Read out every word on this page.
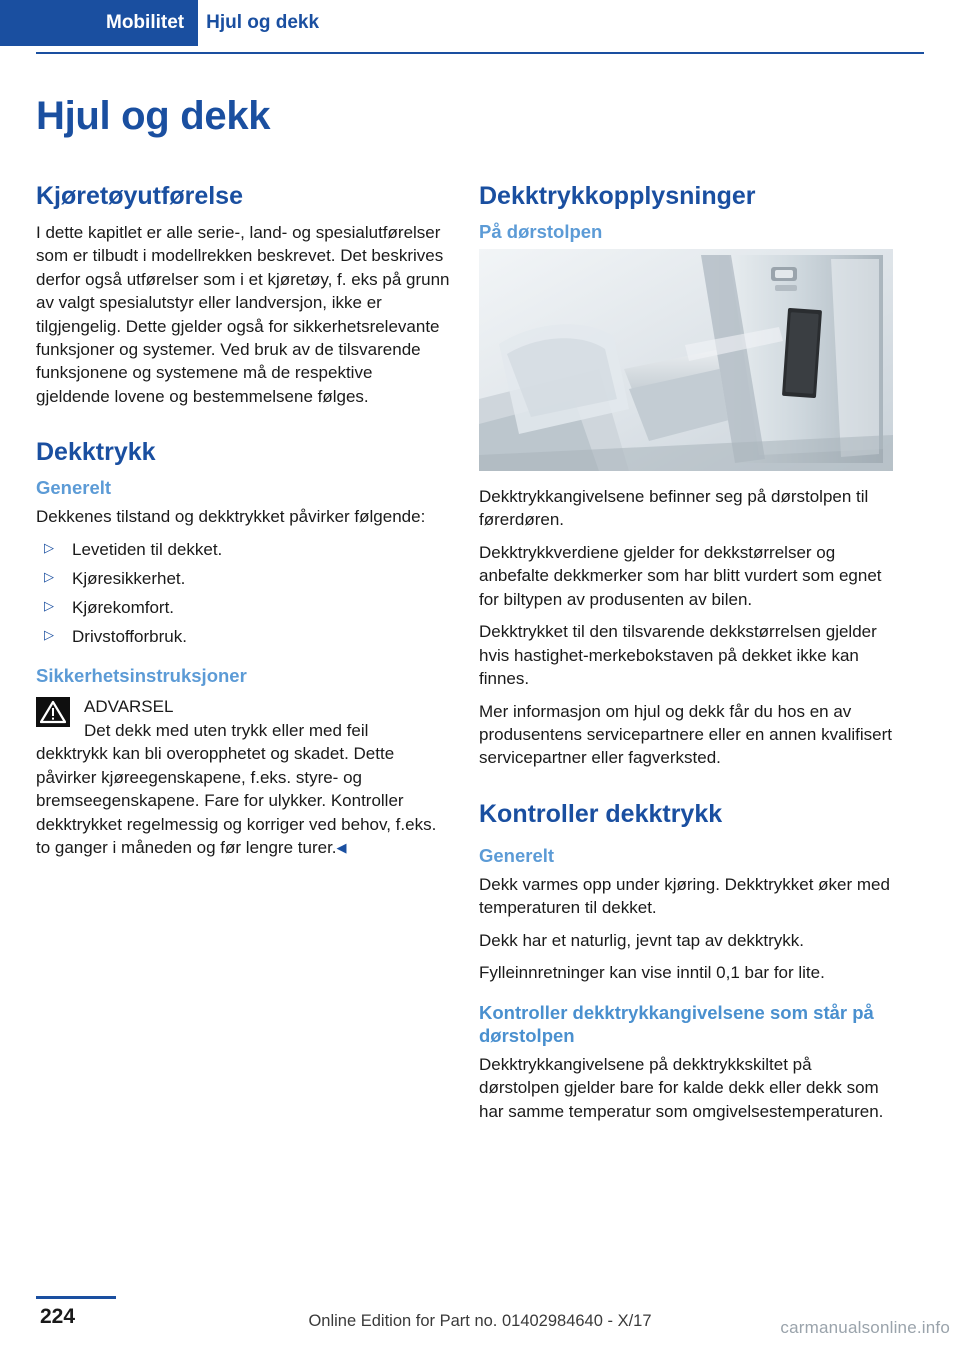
Mobilitet	Hjul og dekk
Hjul og dekk
Kjøretøyutførelse

I dette kapitlet er alle serie-, land- og spesialutførelser som er tilbudt i modellrekken beskrevet. Det beskrives derfor også utførelser som i et kjøretøy, f. eks på grunn av valgt spesialutstyr eller landversjon, ikke er tilgjengelig. Dette gjelder også for sikkerhetsrelevante funksjoner og systemer. Ved bruk av de tilsvarende funksjonene og systemene må de respektive gjeldende lovene og bestemmelsene følges.

Dekktrykk
Generelt

Dekkenes tilstand og dekktrykket påvirker følgende:

▷ Levetiden til dekket.
▷ Kjøresikkerhet.
▷ Kjørekomfort.
▷ Drivstofforbruk.
Sikkerhetsinstruksjoner
ADVARSEL
Det dekk med uten trykk eller med feil

dekktrykk kan bli overopphetet og skadet. Dette påvirker kjøreegenskapene, f.eks. styre- og bremseegenskapene. Fare for ulykker. Kontroller dekktrykket regelmessig og korriger ved behov, f.eks. to ganger i måneden og før lengre turer.◀

Dekktrykkopplysninger
På dørstolpen

Dekktrykkangivelsene befinner seg på dørstolpen til førerdøren.

Dekktrykkverdiene gjelder for dekkstørrelser og anbefalte dekkmerker som har blitt vurdert som egnet for biltypen av produsenten av bilen.

Dekktrykket til den tilsvarende dekkstørrelsen gjelder hvis hastighet-merkebokstaven på dekket ikke kan finnes.

Mer informasjon om hjul og dekk får du hos en av produsentens servicepartnere eller en annen kvalifisert servicepartner eller fagverksted.

Kontroller dekktrykk
Generelt

Dekk varmes opp under kjøring. Dekktrykket øker med temperaturen til dekket.

Dekk har et naturlig, jevnt tap av dekktrykk.

Fylleinnretninger kan vise inntil 0,1 bar for lite.

Kontroller dekktrykkangivelsene som står på dørstolpen

Dekktrykkangivelsene på dekktrykkskiltet på dørstolpen gjelder bare for kalde dekk eller dekk som har samme temperatur som omgivelsestemperaturen.

224	Online Edition for Part no. 01402984640 - X/17	carmanualsonline.info
